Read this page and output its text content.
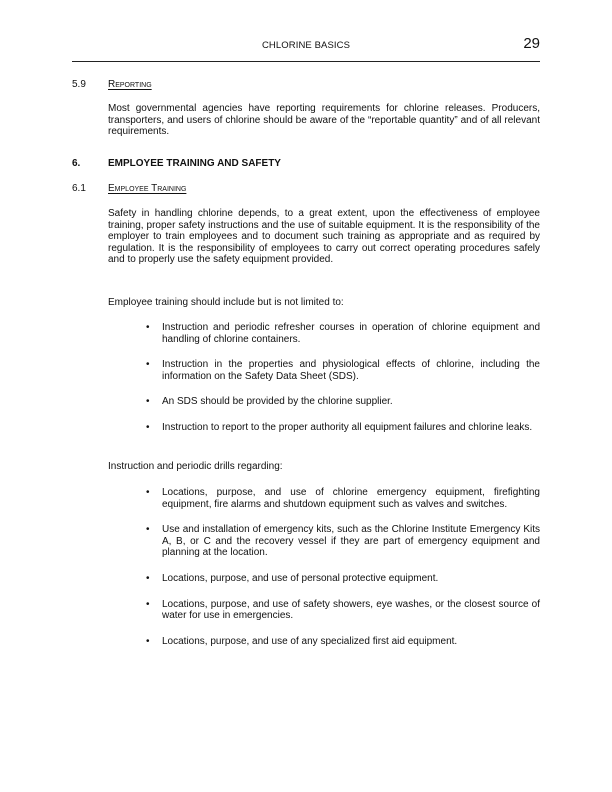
CHLORINE BASICS	29
5.9 Reporting
Most governmental agencies have reporting requirements for chlorine releases. Producers, transporters, and users of chlorine should be aware of the “reportable quantity” and of all relevant requirements.
6.	EMPLOYEE TRAINING AND SAFETY
6.1 Employee Training
Safety in handling chlorine depends, to a great extent, upon the effectiveness of employee training, proper safety instructions and the use of suitable equipment. It is the responsibility of the employer to train employees and to document such training as appropriate and as required by regulation. It is the responsibility of employees to carry out correct operating procedures safely and to properly use the safety equipment provided.
Employee training should include but is not limited to:
• Instruction and periodic refresher courses in operation of chlorine equipment and handling of chlorine containers.
• Instruction in the properties and physiological effects of chlorine, including the information on the Safety Data Sheet (SDS).
• An SDS should be provided by the chlorine supplier.
• Instruction to report to the proper authority all equipment failures and chlorine leaks.
Instruction and periodic drills regarding:
• Locations, purpose, and use of chlorine emergency equipment, firefighting equipment, fire alarms and shutdown equipment such as valves and switches.
• Use and installation of emergency kits, such as the Chlorine Institute Emergency Kits A, B, or C and the recovery vessel if they are part of emergency equipment and planning at the location.
• Locations, purpose, and use of personal protective equipment.
• Locations, purpose, and use of safety showers, eye washes, or the closest source of water for use in emergencies.
• Locations, purpose, and use of any specialized first aid equipment.
